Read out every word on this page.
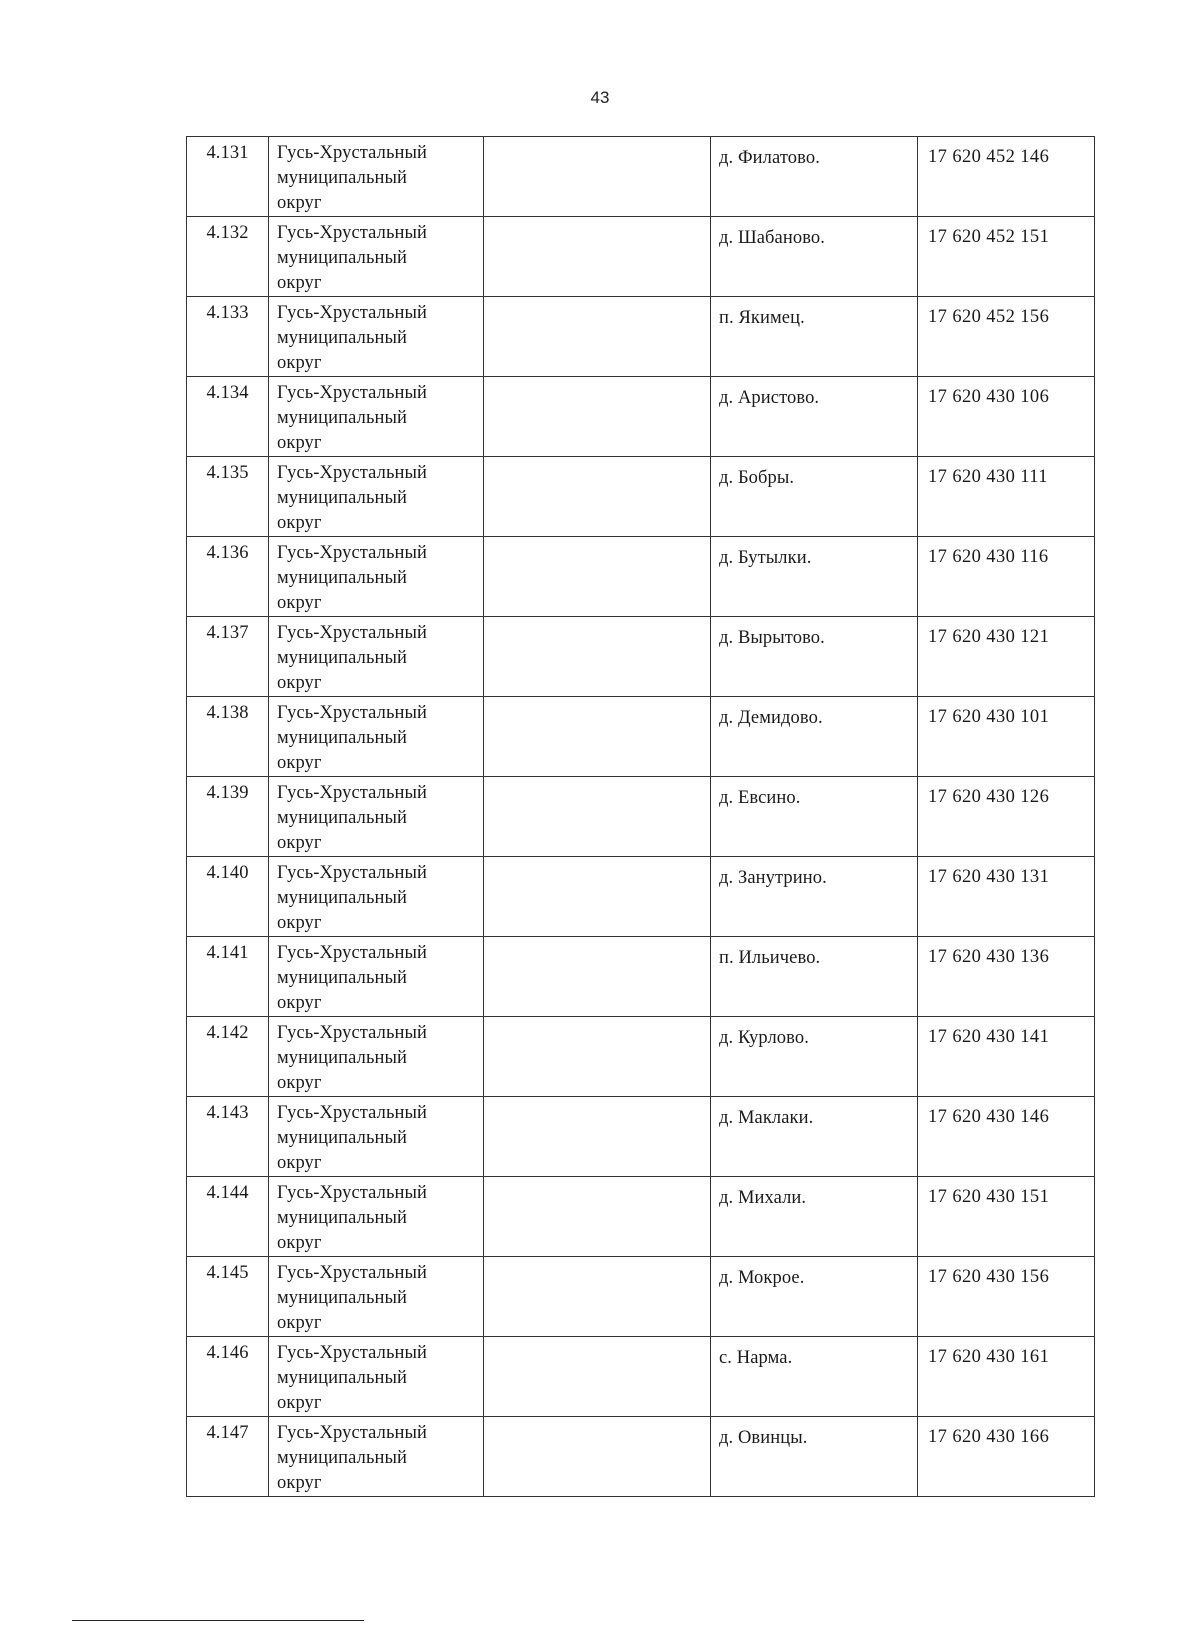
43
4.131	Гусь-Хрустальный
муниципальный
округ		д. Филатово.	17 620 452 146
4.132	Гусь-Хрустальный
муниципальный
округ		д. Шабаново.	17 620 452 151
4.133	Гусь-Хрустальный
муниципальный
округ		п. Якимец.	17 620 452 156
4.134	Гусь-Хрустальный
муниципальный
округ		д. Аристово.	17 620 430 106
4.135	Гусь-Хрустальный
муниципальный
округ		д. Бобры.	17 620 430 111
4.136	Гусь-Хрустальный
муниципальный
округ		д. Бутылки.	17 620 430 116
4.137	Гусь-Хрустальный
муниципальный
округ		д. Вырытово.	17 620 430 121
4.138	Гусь-Хрустальный
муниципальный
округ		д. Демидово.	17 620 430 101
4.139	Гусь-Хрустальный
муниципальный
округ		д. Евсино.	17 620 430 126
4.140	Гусь-Хрустальный
муниципальный
округ		д. Занутрино.	17 620 430 131
4.141	Гусь-Хрустальный
муниципальный
округ		п. Ильичево.	17 620 430 136
4.142	Гусь-Хрустальный
муниципальный
округ		д. Курлово.	17 620 430 141
4.143	Гусь-Хрустальный
муниципальный
округ		д. Маклаки.	17 620 430 146
4.144	Гусь-Хрустальный
муниципальный
округ		д. Михали.	17 620 430 151
4.145	Гусь-Хрустальный
муниципальный
округ		д. Мокрое.	17 620 430 156
4.146	Гусь-Хрустальный
муниципальный
округ		с. Нарма.	17 620 430 161
4.147	Гусь-Хрустальный
муниципальный
округ		д. Овинцы.	17 620 430 166
